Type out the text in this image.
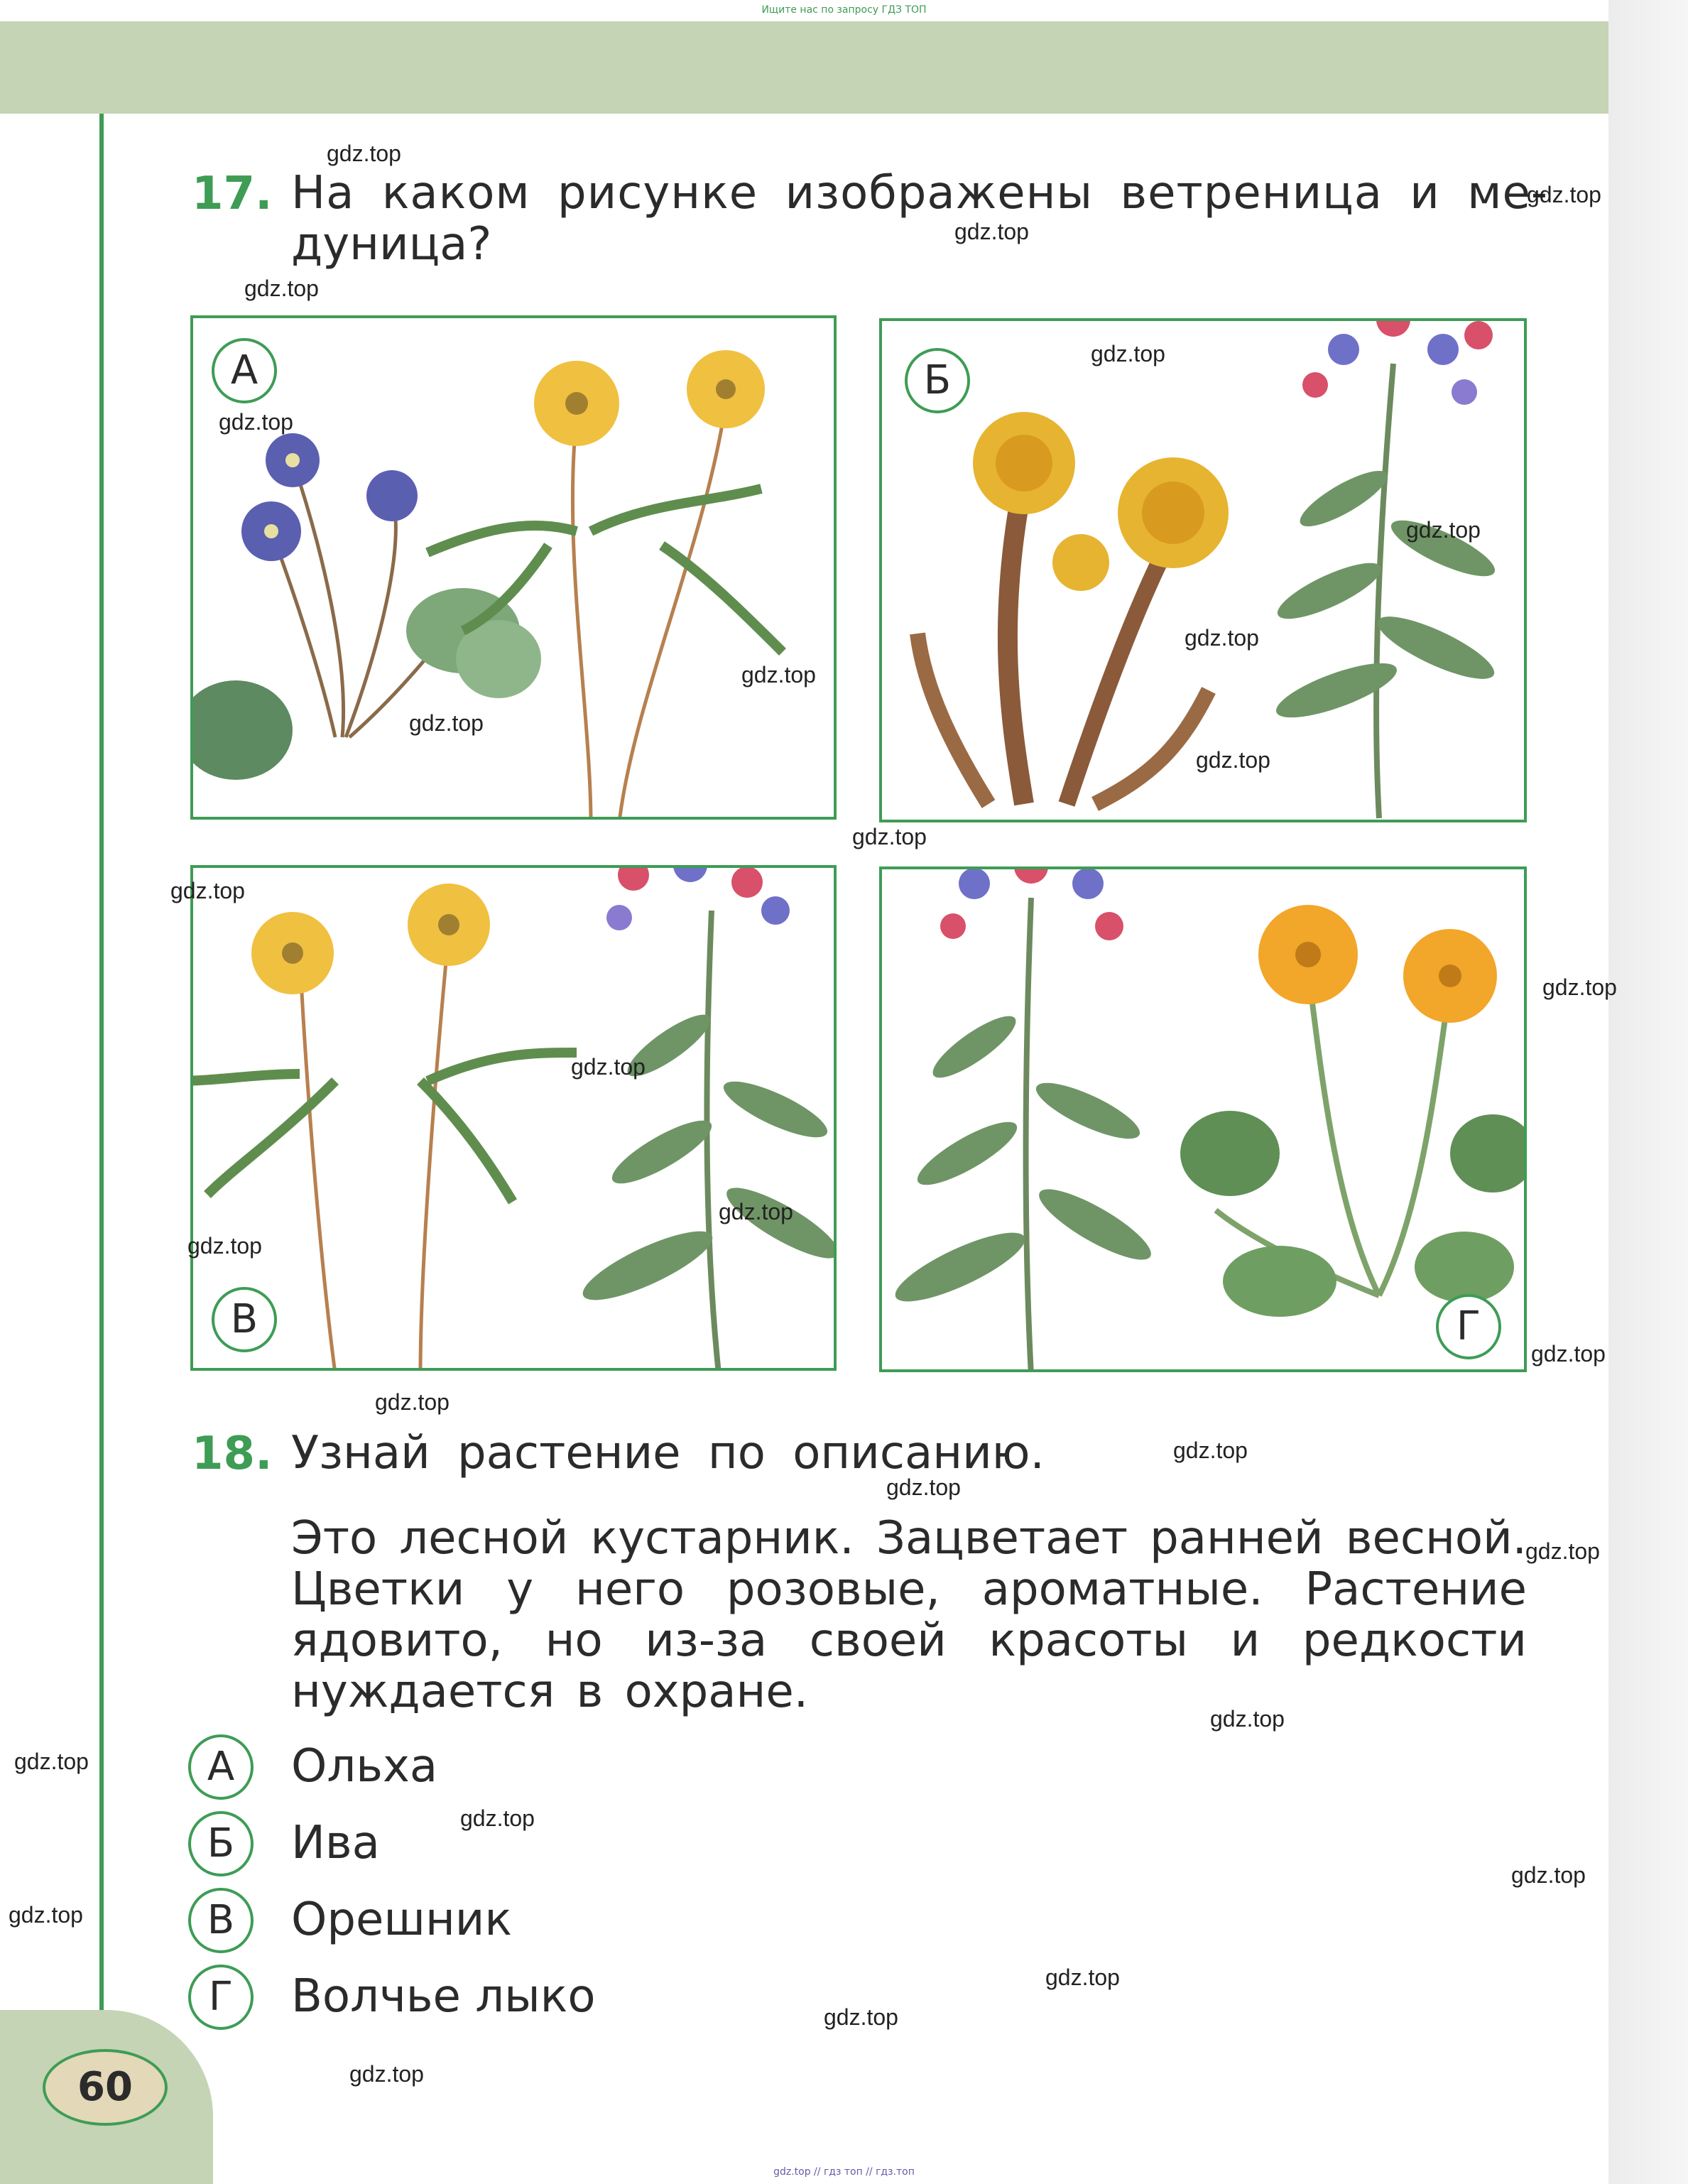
60
Ищите нас по запросу ГДЗ ТОП
gdz.top // гдз топ // гдз.топ
17. На каком рисунке изображены ветреница и ме-
дуница?
А	Б
В	Г
18. Узнай растение по описанию.
Это лесной кустарник. Зацветает ранней весной. Цветки у него розовые, ароматные. Растение ядовито, но из-за своей красоты и редкости нуждается в охране.
А	Ольха
Б	Ива
В	Орешник
Г	Волчье лыко
gdz.top
gdz.top
gdz.top
gdz.top
gdz.top
gdz.top
gdz.top
gdz.top
gdz.top
gdz.top
gdz.top
gdz.top
gdz.top
gdz.top
gdz.top
gdz.top
gdz.top
gdz.top
gdz.top
gdz.top
gdz.top
gdz.top
gdz.top
gdz.top
gdz.top
gdz.top
gdz.top
gdz.top
gdz.top
gdz.top
